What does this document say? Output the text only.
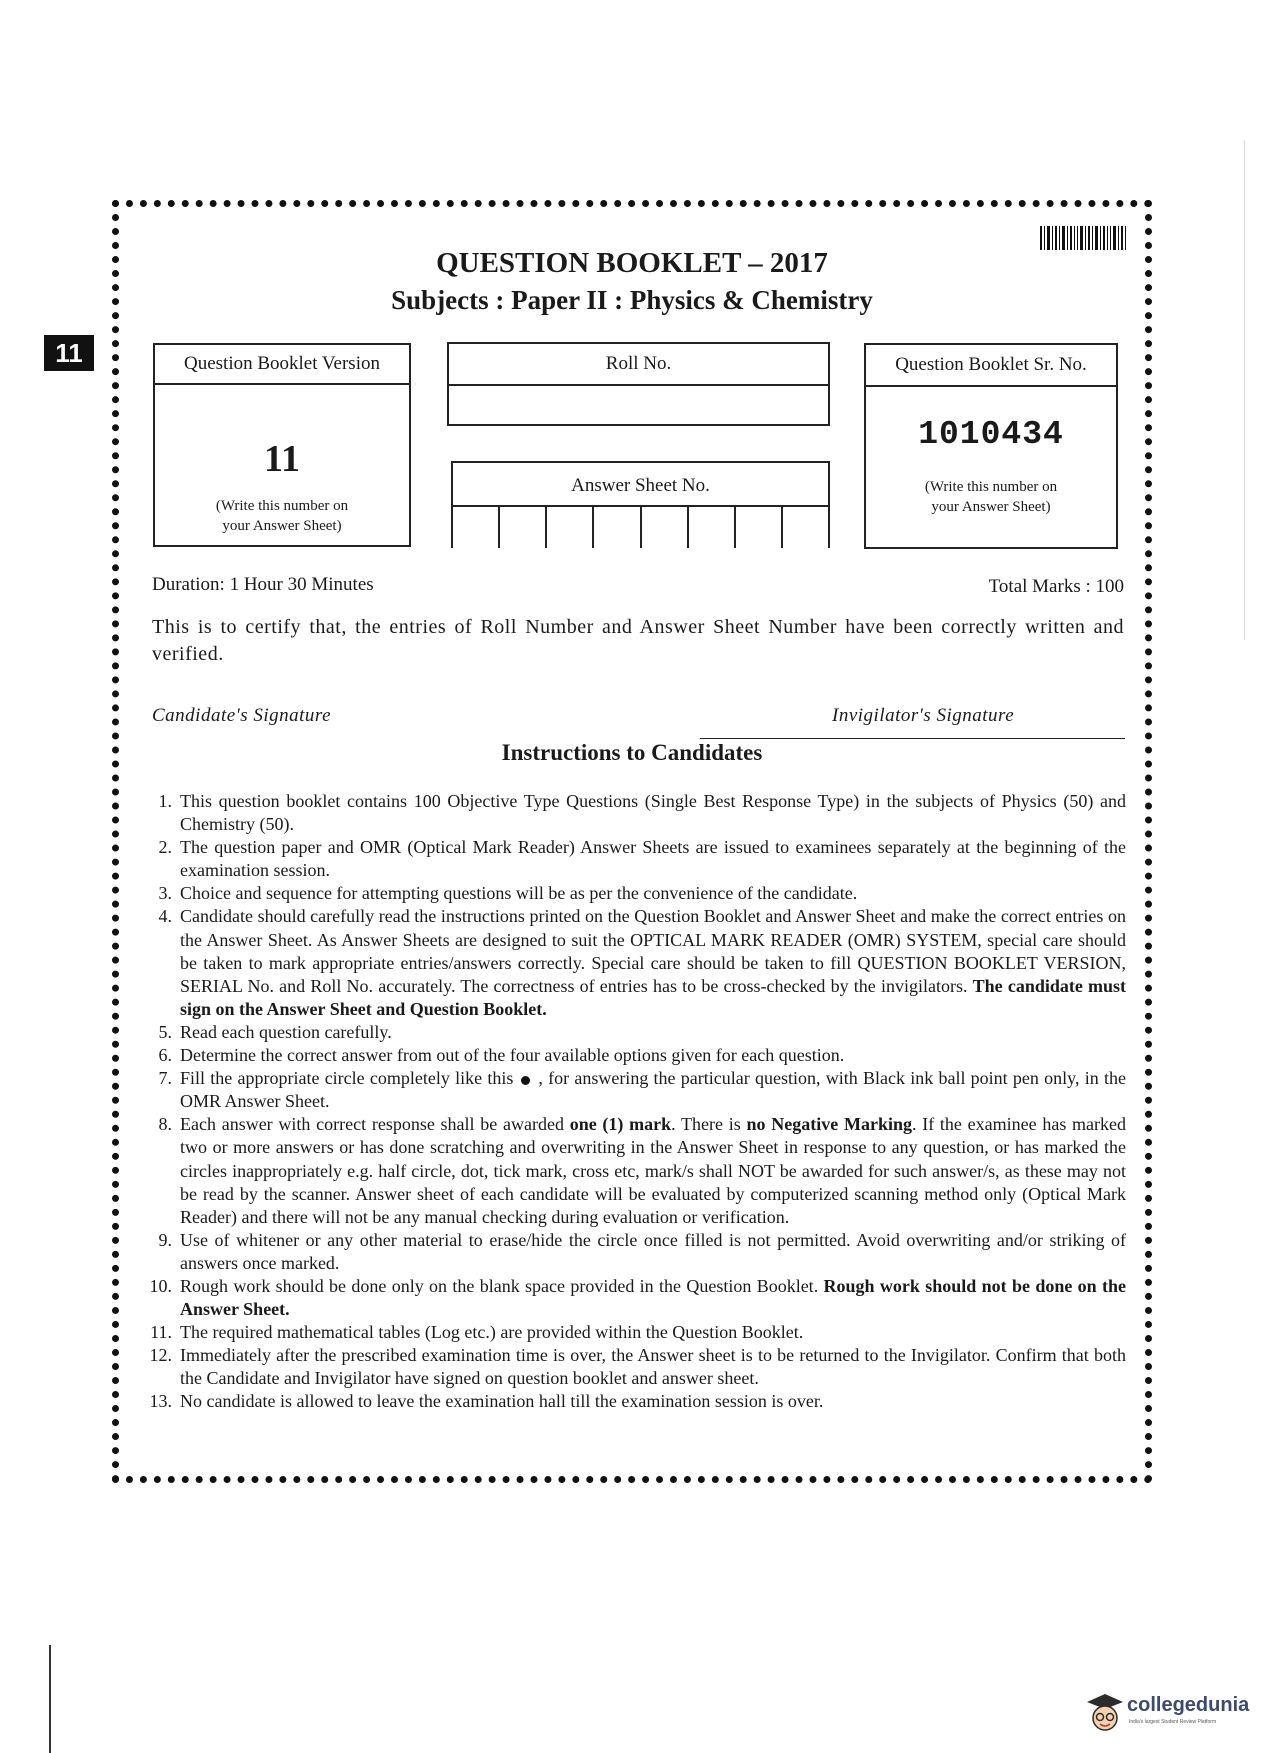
11
QUESTION BOOKLET – 2017
Subjects : Paper II : Physics & Chemistry
Question Booklet Version
11
(Write this number on
your Answer Sheet)
Roll No.
Answer Sheet No.
Question Booklet Sr. No.
1010434
(Write this number on
your Answer Sheet)
Duration: 1 Hour 30 Minutes	Total Marks : 100
This is to certify that, the entries of Roll Number and Answer Sheet Number have been correctly written and verified.
Candidate's Signature	Invigilator's Signature
Instructions to Candidates
1. This question booklet contains 100 Objective Type Questions (Single Best Response Type) in the subjects of Physics (50) and Chemistry (50).
2. The question paper and OMR (Optical Mark Reader) Answer Sheets are issued to examinees separately at the beginning of the examination session.
3. Choice and sequence for attempting questions will be as per the convenience of the candidate.
4. Candidate should carefully read the instructions printed on the Question Booklet and Answer Sheet and make the correct entries on the Answer Sheet. As Answer Sheets are designed to suit the OPTICAL MARK READER (OMR) SYSTEM, special care should be taken to mark appropriate entries/answers correctly. Special care should be taken to fill QUESTION BOOKLET VERSION, SERIAL No. and Roll No. accurately. The correctness of entries has to be cross-checked by the invigilators. The candidate must sign on the Answer Sheet and Question Booklet.
5. Read each question carefully.
6. Determine the correct answer from out of the four available options given for each question.
7. Fill the appropriate circle completely like this , for answering the particular question, with Black ink ball point pen only, in the OMR Answer Sheet.
8. Each answer with correct response shall be awarded one (1) mark. There is no Negative Marking. If the examinee has marked two or more answers or has done scratching and overwriting in the Answer Sheet in response to any question, or has marked the circles inappropriately e.g. half circle, dot, tick mark, cross etc, mark/s shall NOT be awarded for such answer/s, as these may not be read by the scanner. Answer sheet of each candidate will be evaluated by computerized scanning method only (Optical Mark Reader) and there will not be any manual checking during evaluation or verification.
9. Use of whitener or any other material to erase/hide the circle once filled is not permitted. Avoid overwriting and/or striking of answers once marked.
10. Rough work should be done only on the blank space provided in the Question Booklet. Rough work should not be done on the Answer Sheet.
11. The required mathematical tables (Log etc.) are provided within the Question Booklet.
12. Immediately after the prescribed examination time is over, the Answer sheet is to be returned to the Invigilator. Confirm that both the Candidate and Invigilator have signed on question booklet and answer sheet.
13. No candidate is allowed to leave the examination hall till the examination session is over.
collegedunia
India's largest Student Review Platform
